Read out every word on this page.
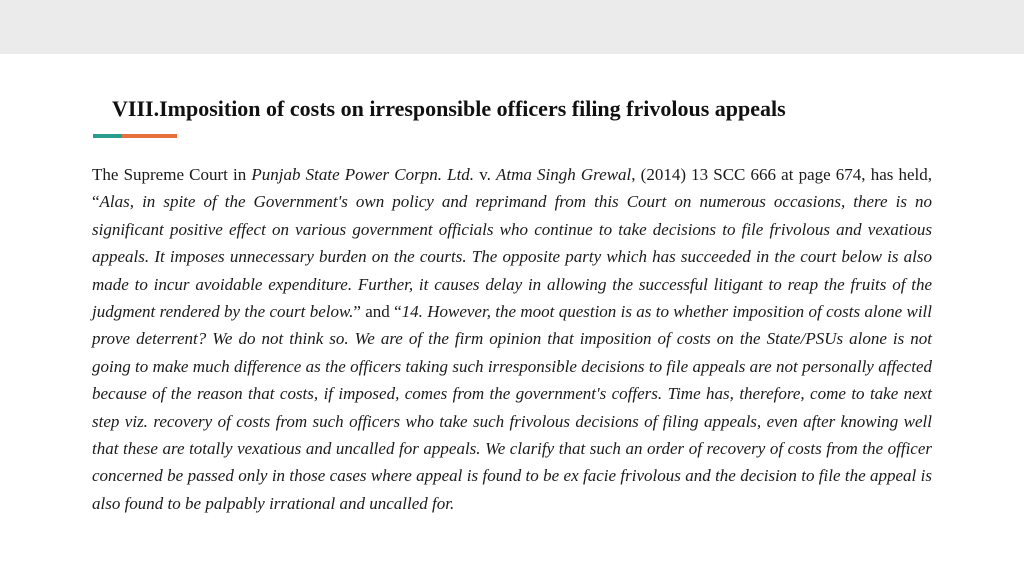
VIII.Imposition of costs on irresponsible officers filing frivolous appeals

The Supreme Court in Punjab State Power Corpn. Ltd. v. Atma Singh Grewal, (2014) 13 SCC 666 at page 674, has held, “Alas, in spite of the Government's own policy and reprimand from this Court on numerous occasions, there is no significant positive effect on various government officials who continue to take decisions to file frivolous and vexatious appeals. It imposes unnecessary burden on the courts. The opposite party which has succeeded in the court below is also made to incur avoidable expenditure. Further, it causes delay in allowing the successful litigant to reap the fruits of the judgment rendered by the court below.” and “14. However, the moot question is as to whether imposition of costs alone will prove deterrent? We do not think so. We are of the firm opinion that imposition of costs on the State/PSUs alone is not going to make much difference as the officers taking such irresponsible decisions to file appeals are not personally affected because of the reason that costs, if imposed, comes from the government's coffers. Time has, therefore, come to take next step viz. recovery of costs from such officers who take such frivolous decisions of filing appeals, even after knowing well that these are totally vexatious and uncalled for appeals. We clarify that such an order of recovery of costs from the officer concerned be passed only in those cases where appeal is found to be ex facie frivolous and the decision to file the appeal is also found to be palpably irrational and uncalled for.
